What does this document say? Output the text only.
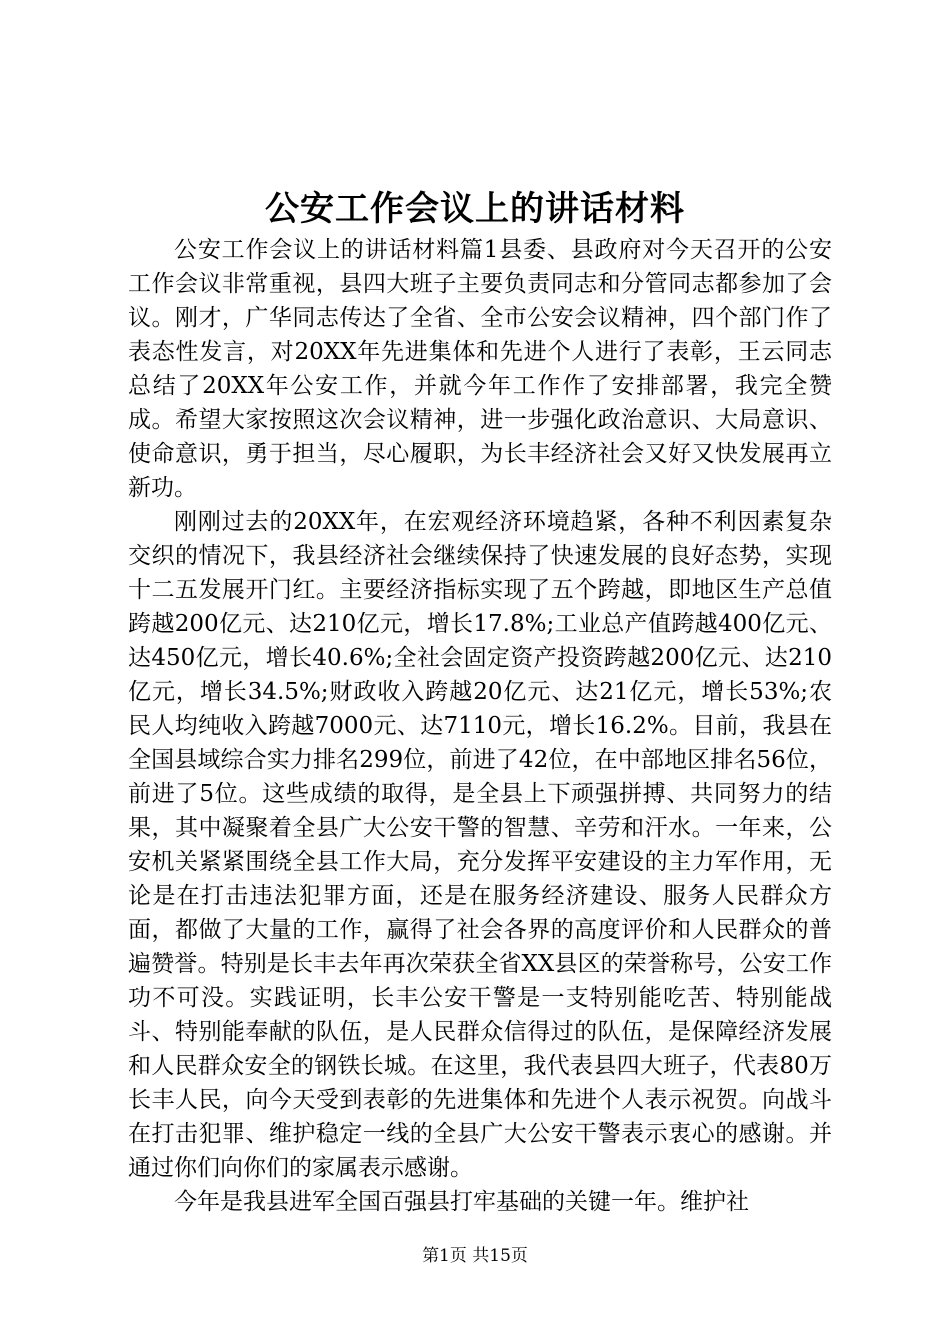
公安工作会议上的讲话材料

公安工作会议上的讲话材料篇1县委、县政府对今天召开的公安工作会议非常重视，县四大班子主要负责同志和分管同志都参加了会议。刚才，广华同志传达了全省、全市公安会议精神，四个部门作了表态性发言，对20XX年先进集体和先进个人进行了表彰，王云同志总结了20XX年公安工作，并就今年工作作了安排部署，我完全赞成。希望大家按照这次会议精神，进一步强化政治意识、大局意识、使命意识，勇于担当，尽心履职，为长丰经济社会又好又快发展再立新功。

刚刚过去的20XX年，在宏观经济环境趋紧，各种不利因素复杂交织的情况下，我县经济社会继续保持了快速发展的良好态势，实现十二五发展开门红。主要经济指标实现了五个跨越，即地区生产总值跨越200亿元、达210亿元，增长17.8%;工业总产值跨越400亿元、达450亿元，增长40.6%;全社会固定资产投资跨越200亿元、达210亿元，增长34.5%;财政收入跨越20亿元、达21亿元，增长53%;农民人均纯收入跨越7000元、达7110元，增长16.2%。目前，我县在全国县域综合实力排名299位，前进了42位，在中部地区排名56位，前进了5位。这些成绩的取得，是全县上下顽强拼搏、共同努力的结果，其中凝聚着全县广大公安干警的智慧、辛劳和汗水。一年来，公安机关紧紧围绕全县工作大局，充分发挥平安建设的主力军作用，无论是在打击违法犯罪方面，还是在服务经济建设、服务人民群众方面，都做了大量的工作，赢得了社会各界的高度评价和人民群众的普遍赞誉。特别是长丰去年再次荣获全省XX县区的荣誉称号，公安工作功不可没。实践证明，长丰公安干警是一支特别能吃苦、特别能战斗、特别能奉献的队伍，是人民群众信得过的队伍，是保障经济发展和人民群众安全的钢铁长城。在这里，我代表县四大班子，代表80万长丰人民，向今天受到表彰的先进集体和先进个人表示祝贺。向战斗在打击犯罪、维护稳定一线的全县广大公安干警表示衷心的感谢。并通过你们向你们的家属表示感谢。

今年是我县进军全国百强县打牢基础的关键一年。维护社

第1页 共15页
